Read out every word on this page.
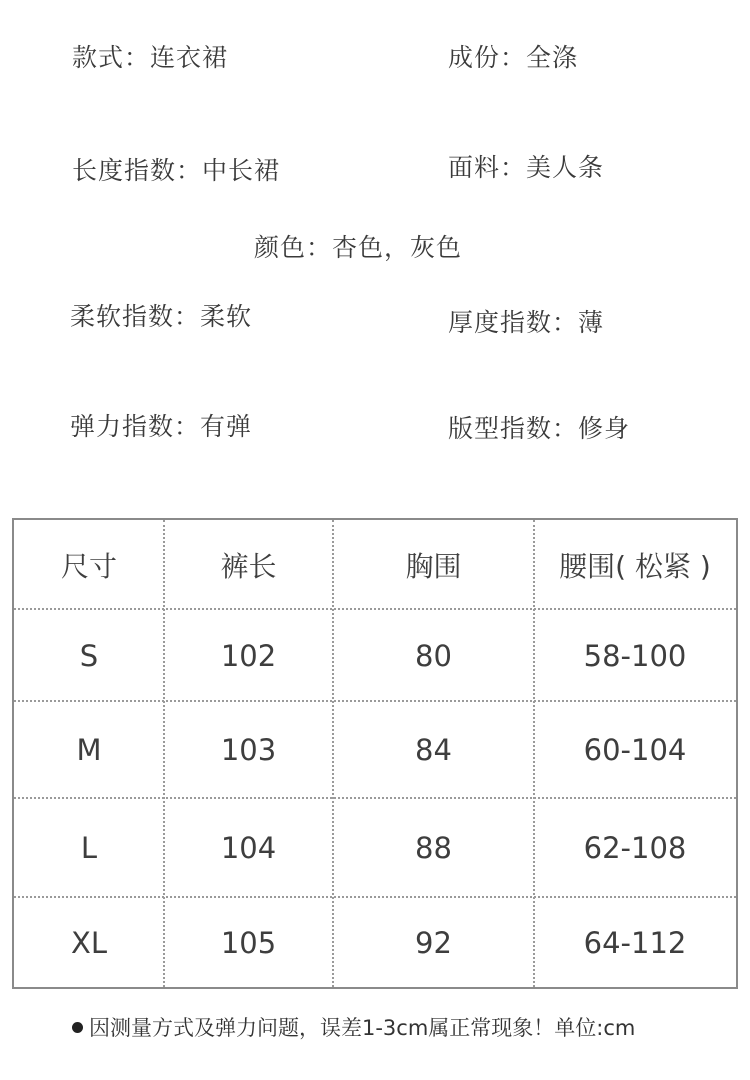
款式：连衣裙	成份：全涤
长度指数：中长裙	面料：美人条
颜色：杏色，灰色
柔软指数：柔软	厚度指数：薄
弹力指数：有弹	版型指数：修身
尺寸	裤长	胸围	腰围( 松紧 )
S	102	80	58-100
M	103	84	60-104
L	104	88	62-108
XL	105	92	64-112
因测量方式及弹力问题，误差1-3cm属正常现象！单位:cm
